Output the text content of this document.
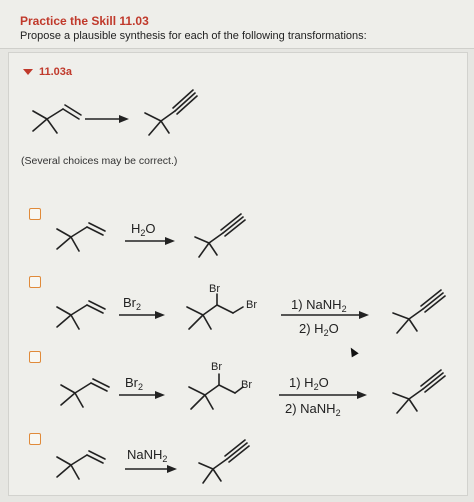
Practice the Skill 11.03
Propose a plausible synthesis for each of the following transformations:
11.03a
(Several choices may be correct.)
$H_2O$
$Br_2$
Br
Br	1) NaNH$_2$
2) $H_2O$
$Br_2$
Br
Br	1) $H_2O$
2) NaNH$_2$
NaNH$_2$
